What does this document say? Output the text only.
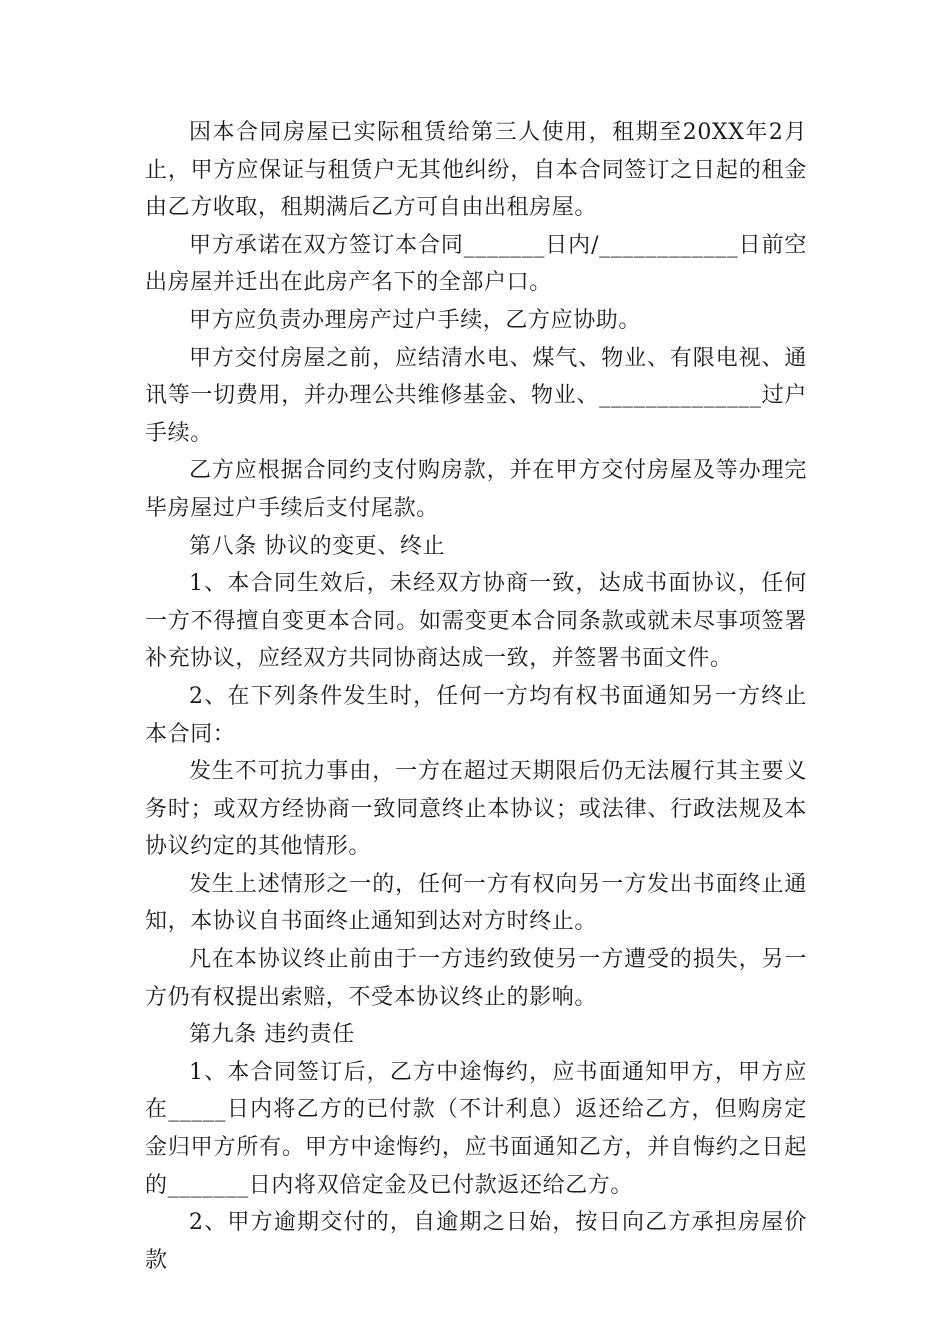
因本合同房屋已实际租赁给第三人使用，租期至20XX年2月止，甲方应保证与租赁户无其他纠纷，自本合同签订之日起的租金由乙方收取，租期满后乙方可自由出租房屋。

甲方承诺在双方签订本合同_______日内/____________日前空出房屋并迁出在此房产名下的全部户口。

甲方应负责办理房产过户手续，乙方应协助。

甲方交付房屋之前，应结清水电、煤气、物业、有限电视、通讯等一切费用，并办理公共维修基金、物业、______________过户手续。

乙方应根据合同约支付购房款，并在甲方交付房屋及等办理完毕房屋过户手续后支付尾款。

第八条 协议的变更、终止

1、本合同生效后，未经双方协商一致，达成书面协议，任何一方不得擅自变更本合同。如需变更本合同条款或就未尽事项签署补充协议，应经双方共同协商达成一致，并签署书面文件。

2、在下列条件发生时，任何一方均有权书面通知另一方终止本合同：

发生不可抗力事由，一方在超过天期限后仍无法履行其主要义务时；或双方经协商一致同意终止本协议；或法律、行政法规及本协议约定的其他情形。

发生上述情形之一的，任何一方有权向另一方发出书面终止通知，本协议自书面终止通知到达对方时终止。

凡在本协议终止前由于一方违约致使另一方遭受的损失，另一方仍有权提出索赔，不受本协议终止的影响。

第九条 违约责任

1、本合同签订后，乙方中途悔约，应书面通知甲方，甲方应在_____日内将乙方的已付款（不计利息）返还给乙方，但购房定金归甲方所有。甲方中途悔约，应书面通知乙方，并自悔约之日起的_______日内将双倍定金及已付款返还给乙方。

2、甲方逾期交付的，自逾期之日始，按日向乙方承担房屋价款
